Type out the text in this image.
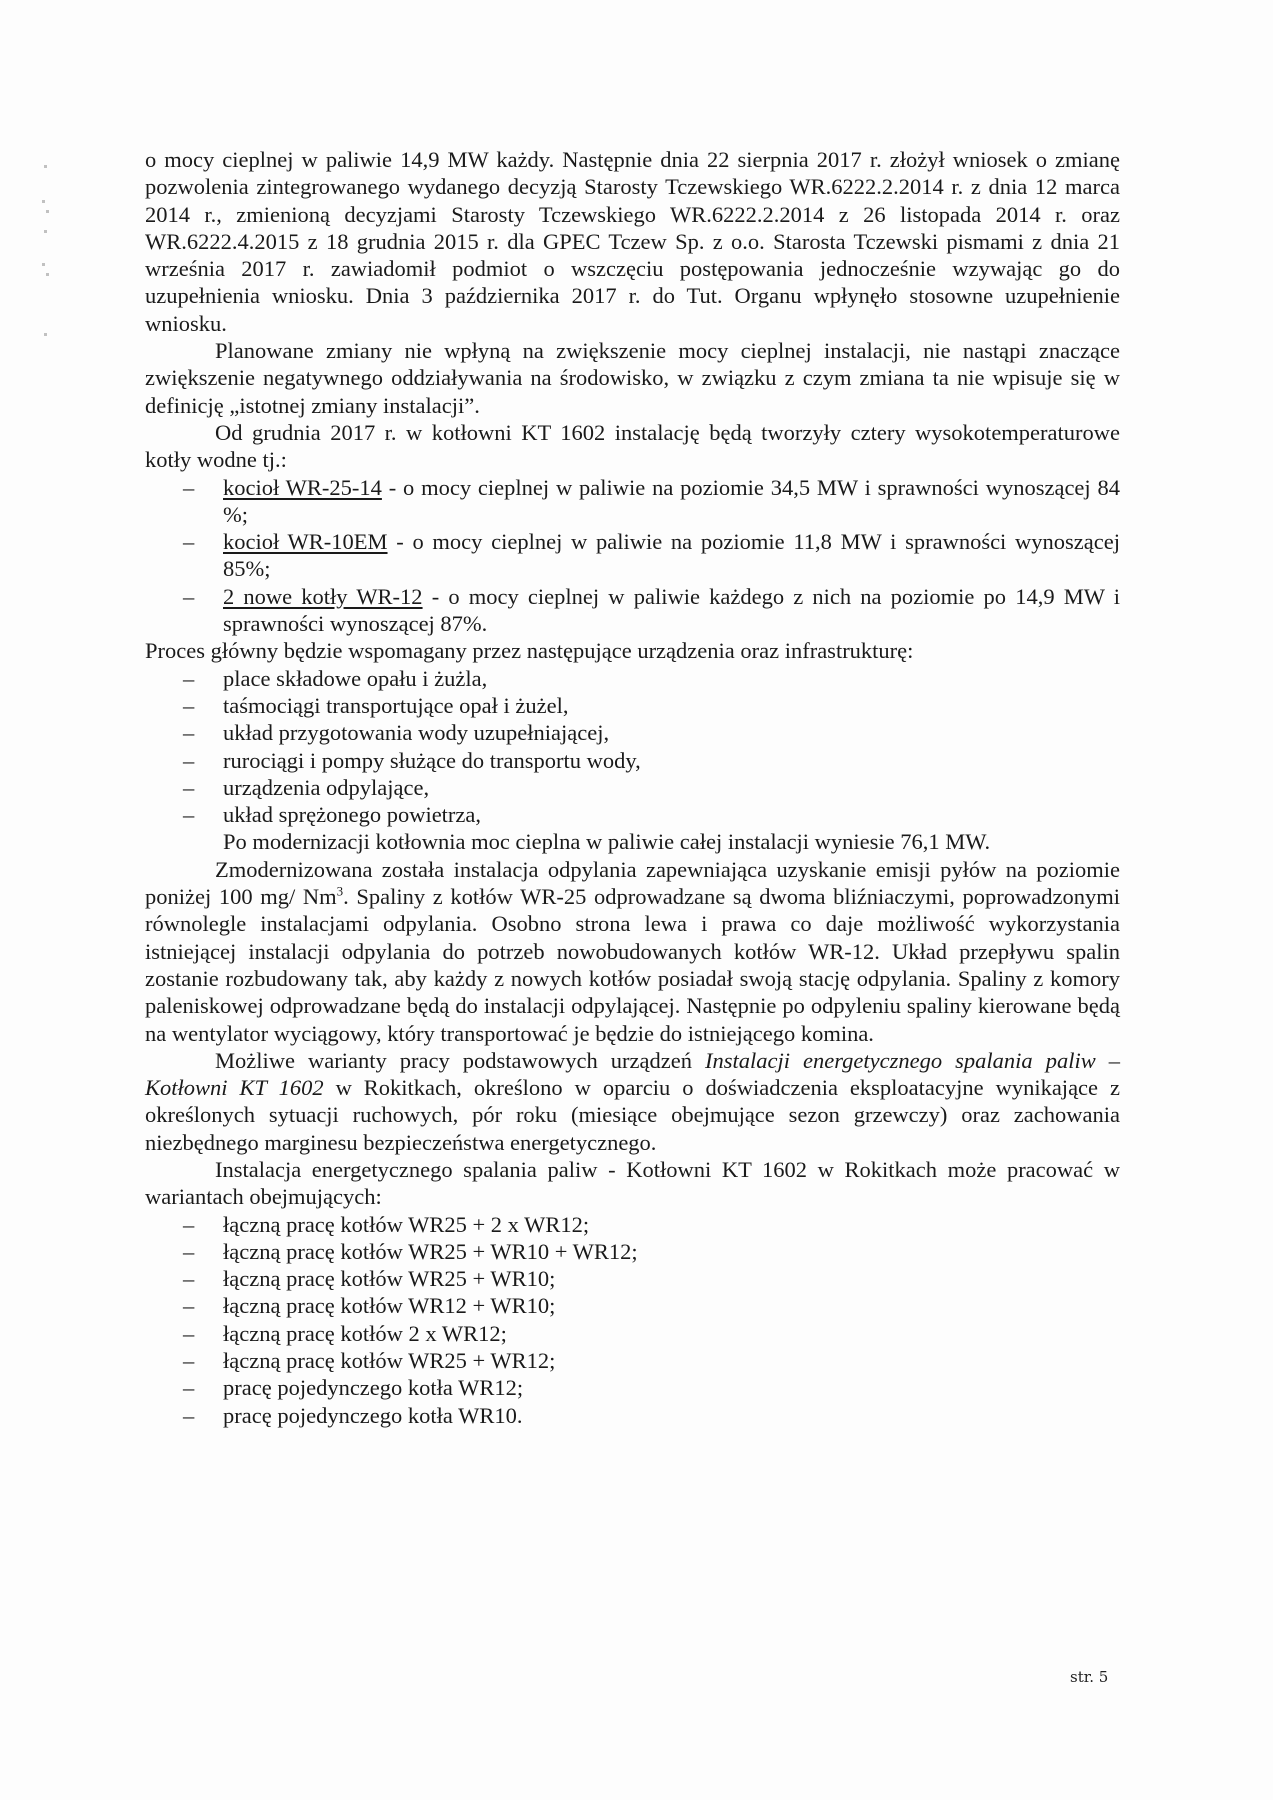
o mocy cieplnej w paliwie 14,9 MW każdy. Następnie dnia 22 sierpnia 2017 r. złożył wniosek o zmianę pozwolenia zintegrowanego wydanego decyzją Starosty Tczewskiego WR.6222.2.2014 r. z dnia 12 marca 2014 r., zmienioną decyzjami Starosty Tczewskiego WR.6222.2.2014 z 26 listopada 2014 r. oraz WR.6222.4.2015 z 18 grudnia 2015 r. dla GPEC Tczew Sp. z o.o. Starosta Tczewski pismami z dnia 21 września 2017 r. zawiadomił podmiot o wszczęciu postępowania jednocześnie wzywając go do uzupełnienia wniosku. Dnia 3 października 2017 r. do Tut. Organu wpłynęło stosowne uzupełnienie wniosku.

Planowane zmiany nie wpłyną na zwiększenie mocy cieplnej instalacji, nie nastąpi znaczące zwiększenie negatywnego oddziaływania na środowisko, w związku z czym zmiana ta nie wpisuje się w definicję „istotnej zmiany instalacji”.

Od grudnia 2017 r. w kotłowni KT 1602 instalację będą tworzyły cztery wysokotemperaturowe kotły wodne tj.:

– kocioł WR-25-14 - o mocy cieplnej w paliwie na poziomie 34,5 MW i sprawności wynoszącej 84 %;
– kocioł WR-10EM - o mocy cieplnej w paliwie na poziomie 11,8 MW i sprawności wynoszącej 85%;
– 2 nowe kotły WR-12 - o mocy cieplnej w paliwie każdego z nich na poziomie po 14,9 MW i sprawności wynoszącej 87%.

Proces główny będzie wspomagany przez następujące urządzenia oraz infrastrukturę:

– place składowe opału i żużla,
– taśmociągi transportujące opał i żużel,
– układ przygotowania wody uzupełniającej,
– rurociągi i pompy służące do transportu wody,
– urządzenia odpylające,
– układ sprężonego powietrza,

Po modernizacji kotłownia moc cieplna w paliwie całej instalacji wyniesie 76,1 MW.

Zmodernizowana została instalacja odpylania zapewniająca uzyskanie emisji pyłów na poziomie poniżej 100 mg/ Nm$^3$. Spaliny z kotłów WR-25 odprowadzane są dwoma bliźniaczymi, poprowadzonymi równolegle instalacjami odpylania. Osobno strona lewa i prawa co daje możliwość wykorzystania istniejącej instalacji odpylania do potrzeb nowobudowanych kotłów WR-12. Układ przepływu spalin zostanie rozbudowany tak, aby każdy z nowych kotłów posiadał swoją stację odpylania. Spaliny z komory paleniskowej odprowadzane będą do instalacji odpylającej. Następnie po odpyleniu spaliny kierowane będą na wentylator wyciągowy, który transportować je będzie do istniejącego komina.

Możliwe warianty pracy podstawowych urządzeń Instalacji energetycznego spalania paliw – Kotłowni KT 1602 w Rokitkach, określono w oparciu o doświadczenia eksploatacyjne wynikające z określonych sytuacji ruchowych, pór roku (miesiące obejmujące sezon grzewczy) oraz zachowania niezbędnego marginesu bezpieczeństwa energetycznego.

Instalacja energetycznego spalania paliw - Kotłowni KT 1602 w Rokitkach może pracować w wariantach obejmujących:

– łączną pracę kotłów WR25 + 2 x WR12;
– łączną pracę kotłów WR25 + WR10 + WR12;
– łączną pracę kotłów WR25 + WR10;
– łączną pracę kotłów WR12 + WR10;
– łączną pracę kotłów 2 x WR12;
– łączną pracę kotłów WR25 + WR12;
– pracę pojedynczego kotła WR12;
– pracę pojedynczego kotła WR10.
str. 5
